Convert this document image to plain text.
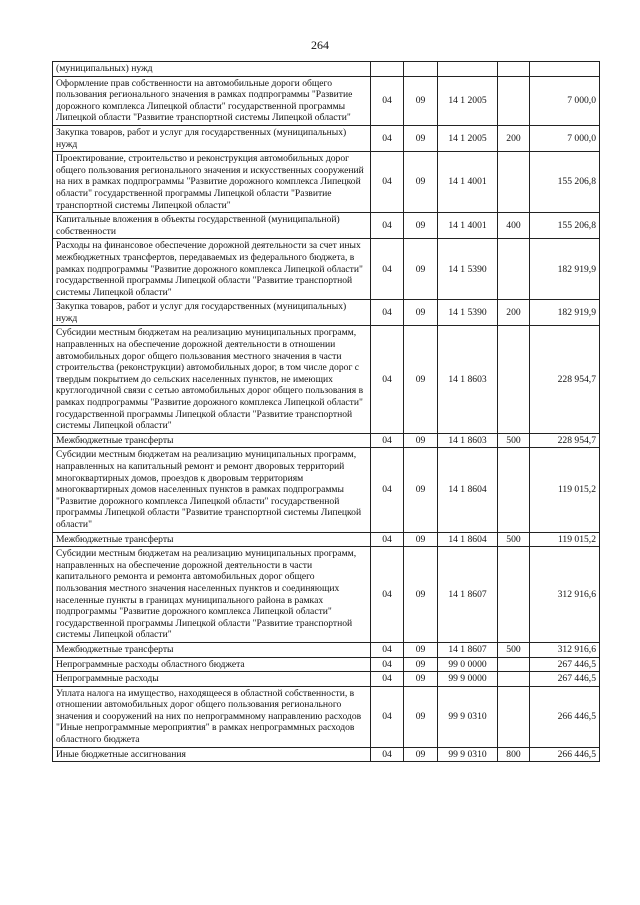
264
(муниципальных) нужд					
Оформление прав собственности на автомобильные дороги общего пользования регионального значения в рамках подпрограммы "Развитие дорожного комплекса Липецкой области" государственной программы Липецкой области "Развитие транспортной системы Липецкой области"	04	09	14 1 2005		7 000,0
Закупка товаров, работ и услуг для государственных (муниципальных) нужд	04	09	14 1 2005	200	7 000,0
Проектирование, строительство и реконструкция автомобильных дорог общего пользования регионального значения и искусственных сооружений на них в рамках подпрограммы "Развитие дорожного комплекса Липецкой области" государственной программы Липецкой области "Развитие транспортной системы Липецкой области"	04	09	14 1 4001		155 206,8
Капитальные вложения в объекты государственной (муниципальной) собственности	04	09	14 1 4001	400	155 206,8
Расходы на финансовое обеспечение дорожной деятельности за счет иных межбюджетных трансфертов, передаваемых из федерального бюджета, в рамках подпрограммы "Развитие дорожного комплекса Липецкой области" государственной программы Липецкой области "Развитие транспортной системы Липецкой области"	04	09	14 1 5390		182 919,9
Закупка товаров, работ и услуг для государственных (муниципальных) нужд	04	09	14 1 5390	200	182 919,9
Субсидии местным бюджетам на реализацию муниципальных программ, направленных на обеспечение дорожной деятельности в отношении автомобильных дорог общего пользования местного значения в части строительства (реконструкции) автомобильных дорог, в том числе дорог с твердым покрытием до сельских населенных пунктов, не имеющих круглогодичной связи с сетью автомобильных дорог общего пользования в рамках подпрограммы "Развитие дорожного комплекса Липецкой области" государственной программы Липецкой области "Развитие транспортной системы Липецкой области"	04	09	14 1 8603		228 954,7
Межбюджетные трансферты	04	09	14 1 8603	500	228 954,7
Субсидии местным бюджетам на реализацию муниципальных программ, направленных на капитальный ремонт и ремонт дворовых территорий многоквартирных домов, проездов к дворовым территориям многоквартирных домов населенных пунктов в рамках подпрограммы "Развитие дорожного комплекса Липецкой области" государственной программы Липецкой области "Развитие транспортной системы Липецкой области"	04	09	14 1 8604		119 015,2
Межбюджетные трансферты	04	09	14 1 8604	500	119 015,2
Субсидии местным бюджетам на реализацию муниципальных программ, направленных на обеспечение дорожной деятельности в части капитального ремонта и ремонта автомобильных дорог общего пользования местного значения населенных пунктов и соединяющих населенные пункты в границах муниципального района в рамках подпрограммы "Развитие дорожного комплекса Липецкой области" государственной программы Липецкой области "Развитие транспортной системы Липецкой области"	04	09	14 1 8607		312 916,6
Межбюджетные трансферты	04	09	14 1 8607	500	312 916,6
Непрограммные расходы областного бюджета	04	09	99 0 0000		267 446,5
Непрограммные расходы	04	09	99 9 0000		267 446,5
Уплата налога на имущество, находящееся в областной собственности, в отношении автомобильных дорог общего пользования регионального значения и сооружений на них по непрограммному направлению расходов "Иные непрограммные мероприятия" в рамках непрограммных расходов областного бюджета	04	09	99 9 0310		266 446,5
Иные бюджетные ассигнования	04	09	99 9 0310	800	266 446,5
